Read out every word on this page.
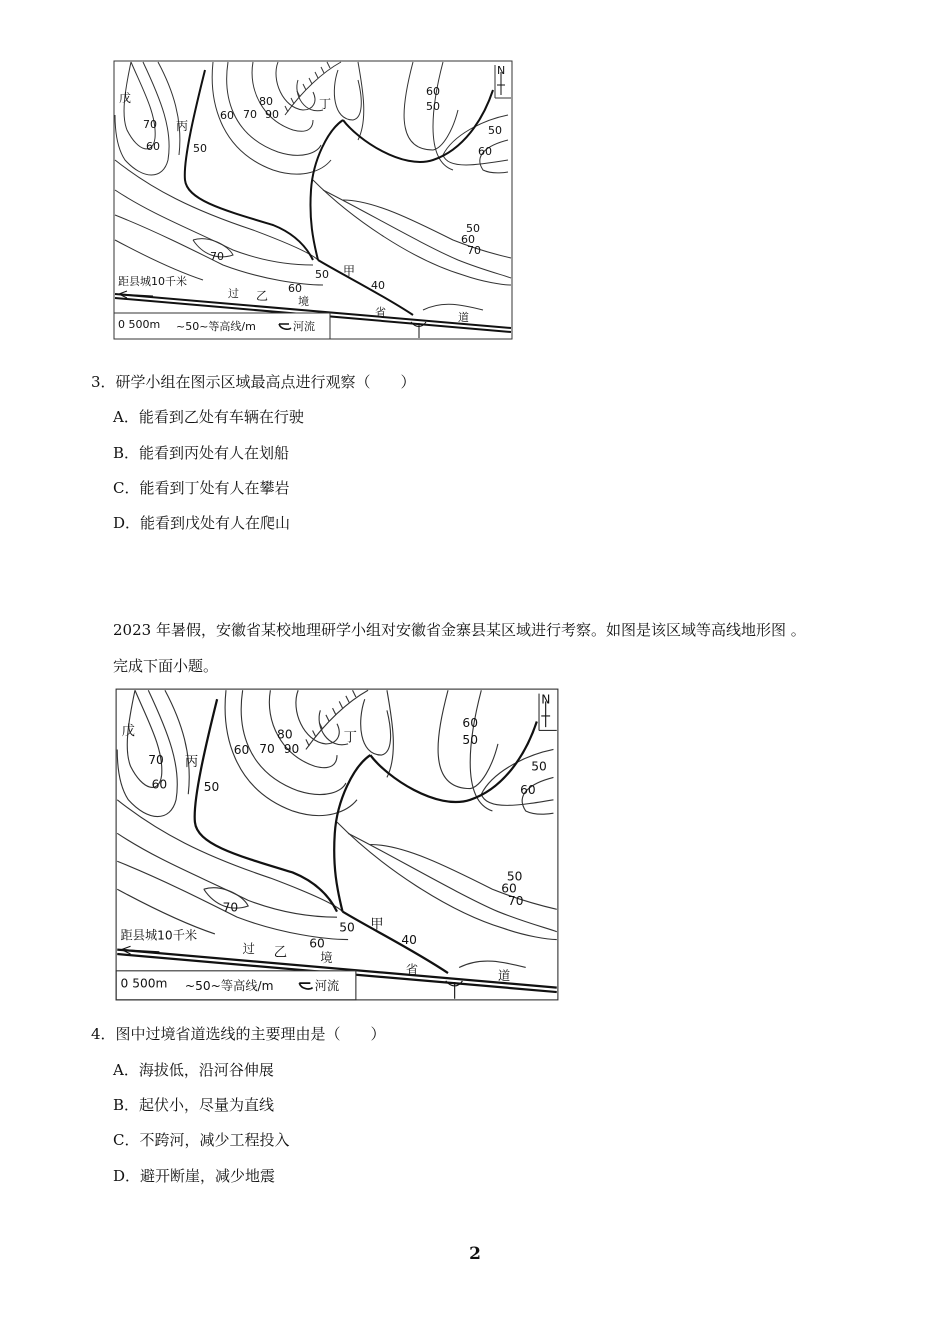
N
戊
丙
丁
甲
乙
70
60	50
60 70
80
90
60
50
50
60
50
60
70
70
60
50
40
距县城10千米
过
境
省	道
0 500m ~50~等高线/m	河流
3．研学小组在图示区域最高点进行观察（　　）
A．能看到乙处有车辆在行驶
B．能看到丙处有人在划船
C．能看到丁处有人在攀岩
D．能看到戊处有人在爬山
2023 年暑假，安徽省某校地理研学小组对安徽省金寨县某区域进行考察。如图是该区域等高线地形图 。
完成下面小题。
N
戊
丙
丁
甲
乙
70
60	50
60 70
80
90
60
50
50
60
50
60
70
70
60
50
40
距县城10千米
过
境
省	道
0 500m ~50~等高线/m	河流
4．图中过境省道选线的主要理由是（　　）
A．海拔低，沿河谷伸展
B．起伏小，尽量为直线
C．不跨河，减少工程投入
D．避开断崖，减少地震
2
